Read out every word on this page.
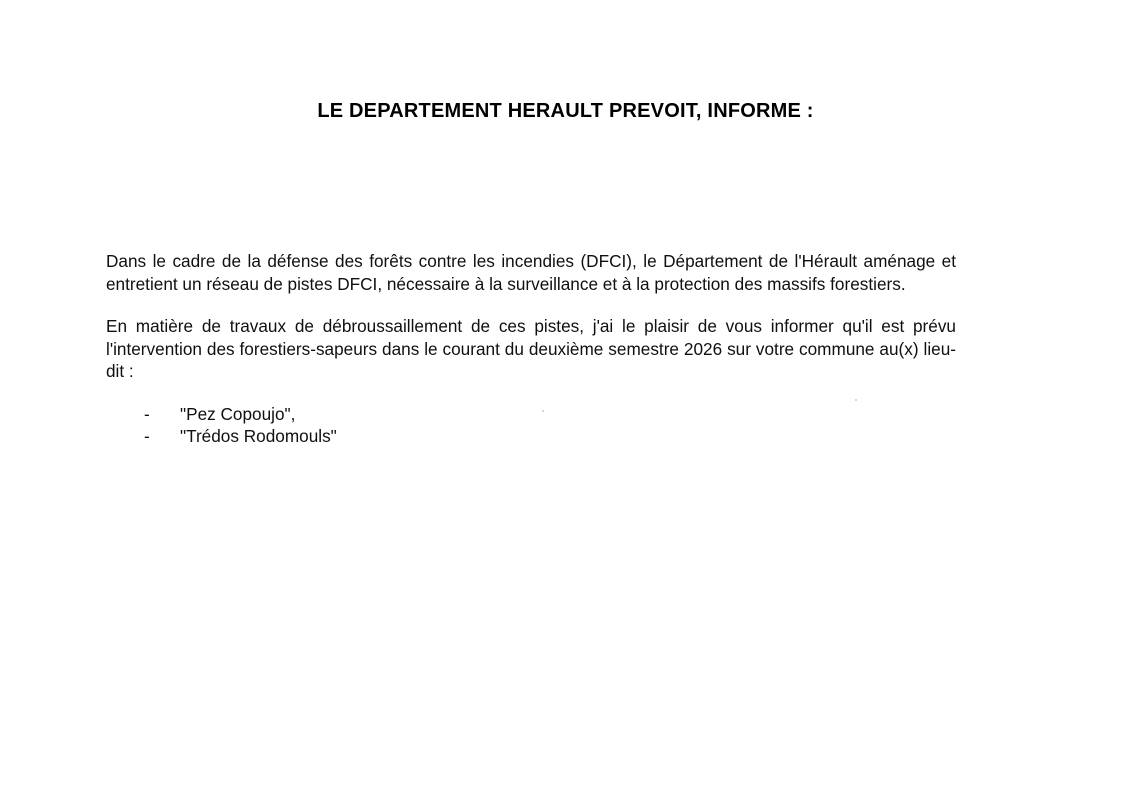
LE DEPARTEMENT HERAULT PREVOIT, INFORME :

Dans le cadre de la défense des forêts contre les incendies (DFCI), le Département de l'Hérault aménage et entretient un réseau de pistes DFCI, nécessaire à la surveillance et à la protection des massifs forestiers.

En matière de travaux de débroussaillement de ces pistes, j'ai le plaisir de vous informer qu'il est prévu l'intervention des forestiers-sapeurs dans le courant du deuxième semestre 2026 sur votre commune au(x) lieu-dit :

- "Pez Copoujo",
- "Trédos Rodomouls"
